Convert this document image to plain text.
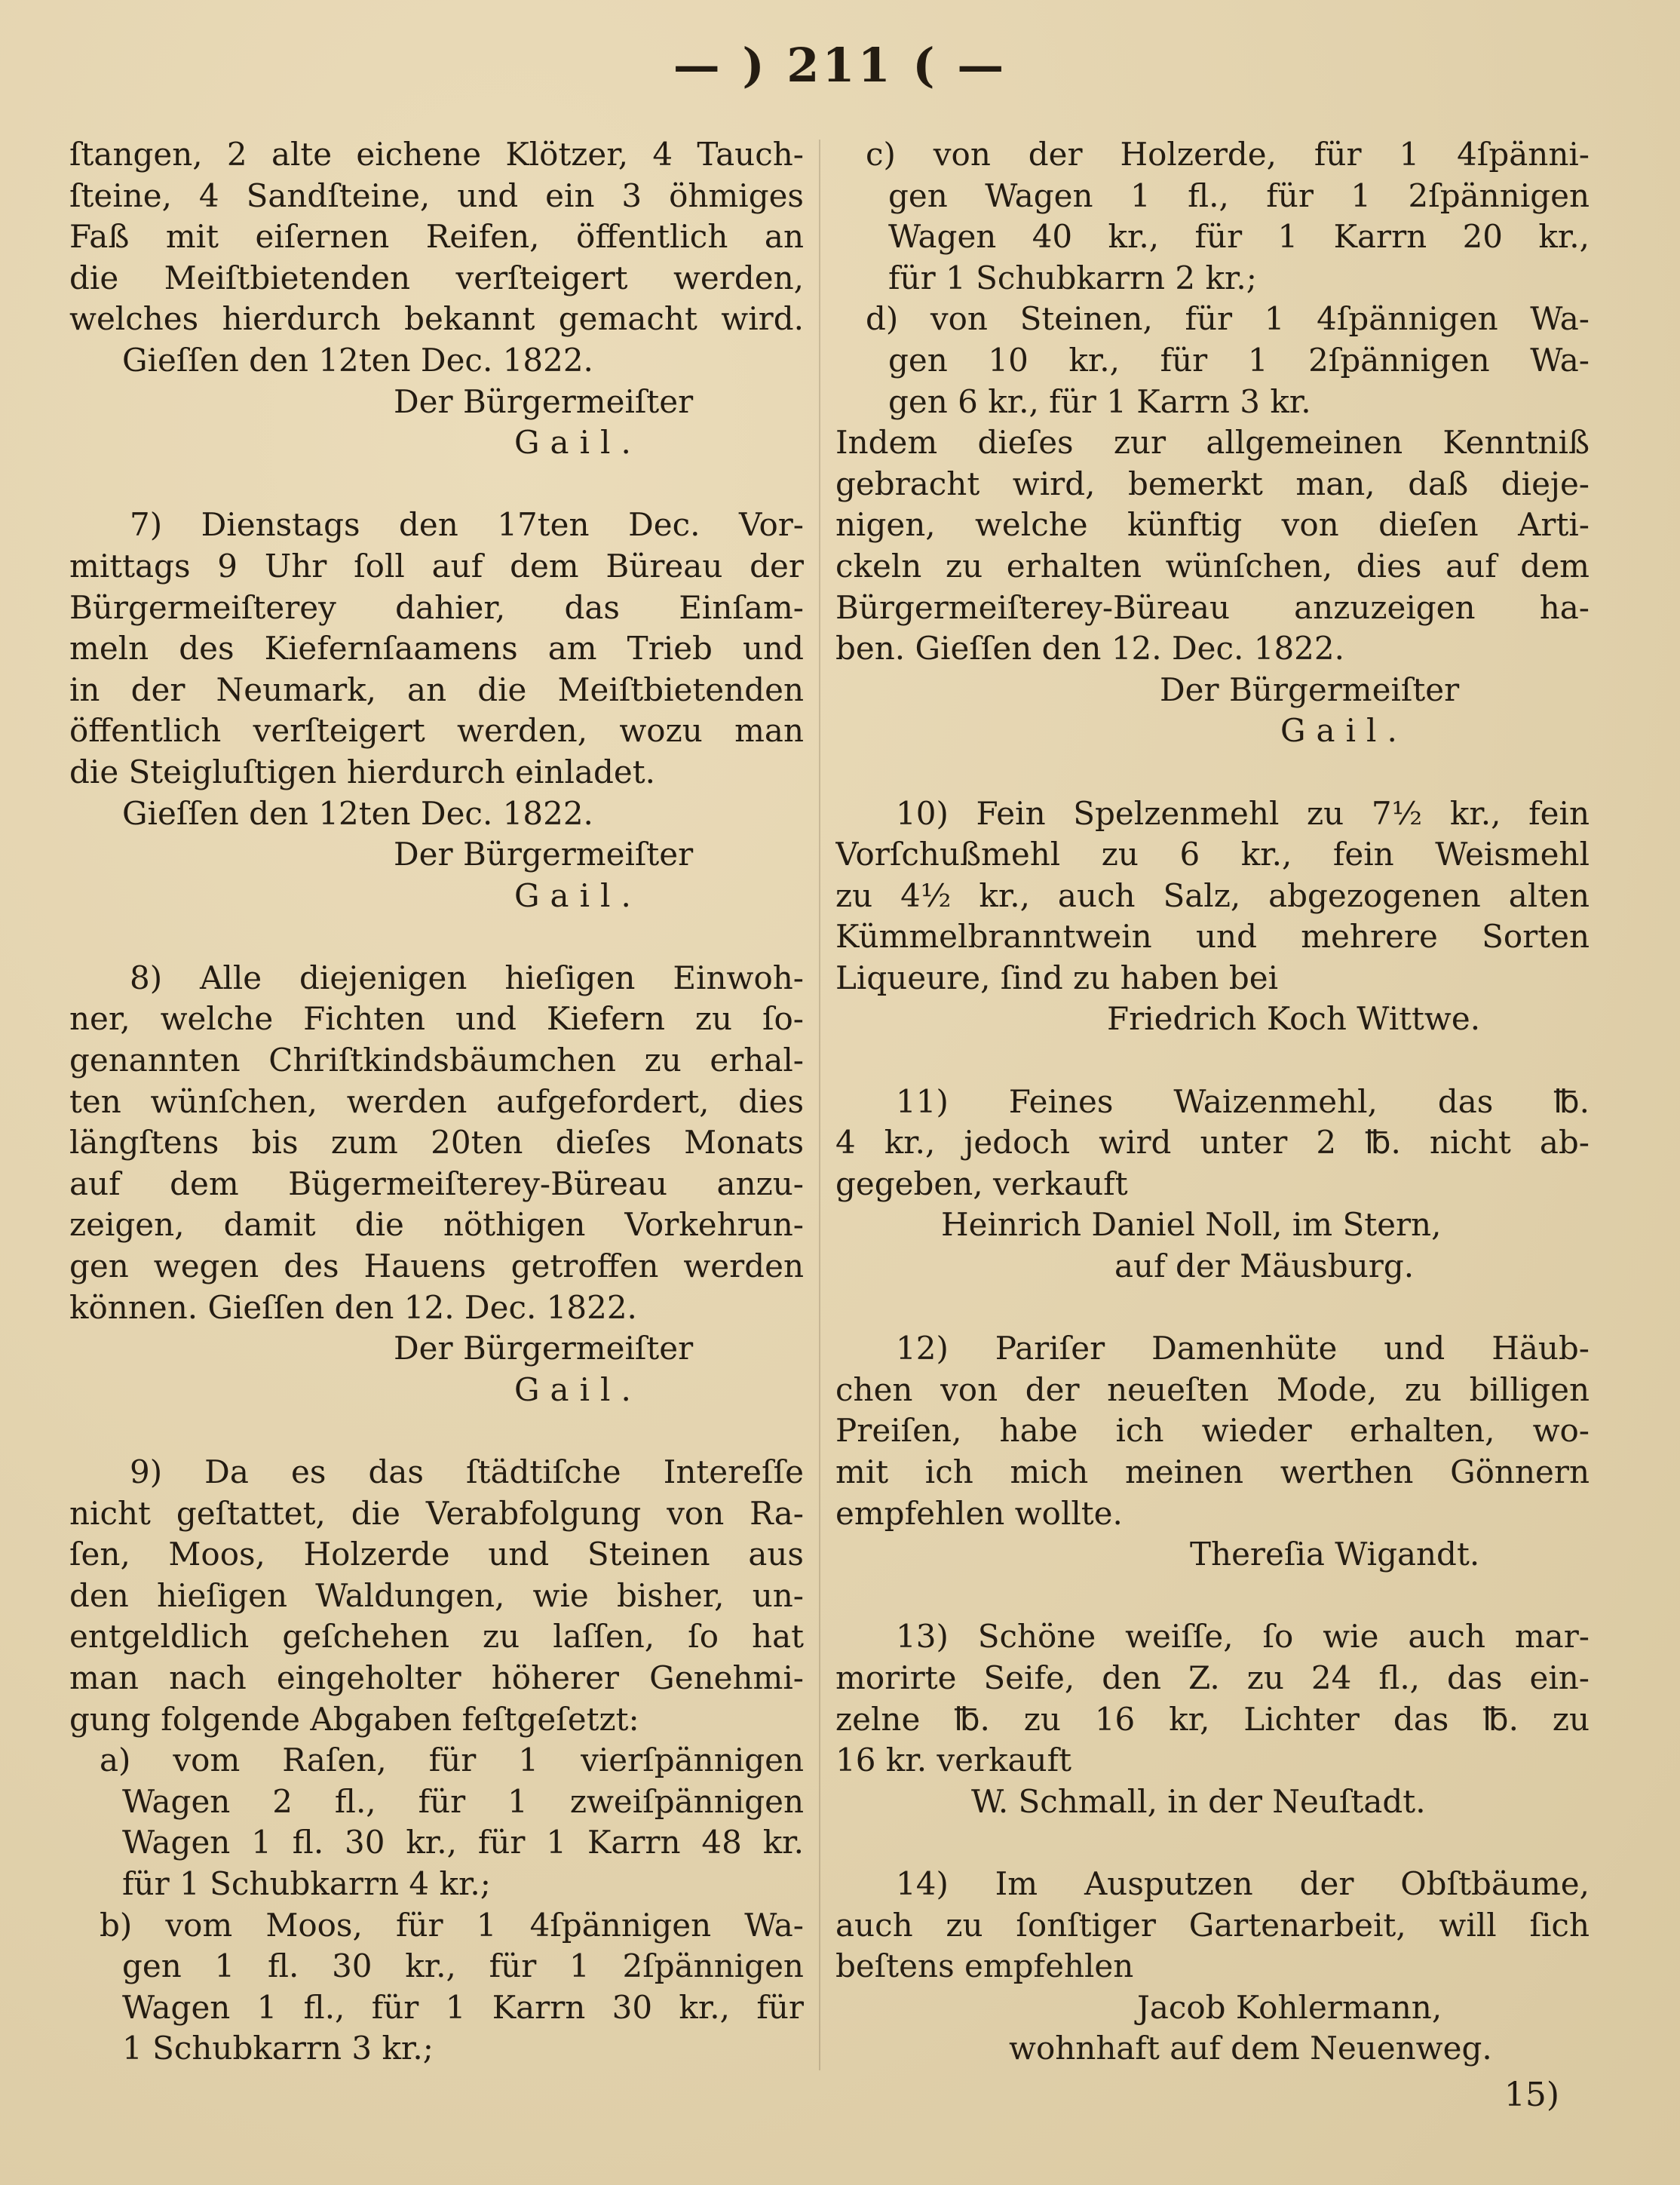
— ) 211 ( —

ſtangen, 2 alte eichene Klötzer, 4 Tauch-

ſteine, 4 Sandſteine, und ein 3 öhmiges

Faß mit eiſernen Reifen, öffentlich an

die Meiſtbietenden verſteigert werden,

welches hierdurch bekannt gemacht wird.

Gieſſen den 12ten Dec. 1822.

Der Bürgermeiſter

Gail.

7) Dienstags den 17ten Dec. Vor-

mittags 9 Uhr ſoll auf dem Büreau der

Bürgermeiſterey dahier, das Einſam-

meln des Kiefernſaamens am Trieb und

in der Neumark, an die Meiſtbietenden

öffentlich verſteigert werden, wozu man

die Steigluſtigen hierdurch einladet.

Gieſſen den 12ten Dec. 1822.

Der Bürgermeiſter

Gail.

8) Alle diejenigen hieſigen Einwoh-

ner, welche Fichten und Kiefern zu ſo-

genannten Chriſtkindsbäumchen zu erhal-

ten wünſchen, werden aufgefordert, dies

längſtens bis zum 20ten dieſes Monats

auf dem Bügermeiſterey-Büreau anzu-

zeigen, damit die nöthigen Vorkehrun-

gen wegen des Hauens getroffen werden

können. Gieſſen den 12. Dec. 1822.

Der Bürgermeiſter

Gail.

9) Da es das ſtädtiſche Intereſſe

nicht geſtattet, die Verabfolgung von Ra-

ſen, Moos, Holzerde und Steinen aus

den hieſigen Waldungen, wie bisher, un-

entgeldlich geſchehen zu laſſen, ſo hat

man nach eingeholter höherer Genehmi-

gung folgende Abgaben feſtgeſetzt:

a) vom Raſen, für 1 vierſpännigen

Wagen 2 fl., für 1 zweiſpännigen

Wagen 1 fl. 30 kr., für 1 Karrn 48 kr.

für 1 Schubkarrn 4 kr.;

b) vom Moos, für 1 4ſpännigen Wa-

gen 1 fl. 30 kr., für 1 2ſpännigen

Wagen 1 fl., für 1 Karrn 30 kr., für

1 Schubkarrn 3 kr.;

c) von der Holzerde, für 1 4ſpänni-

gen Wagen 1 fl., für 1 2ſpännigen

Wagen 40 kr., für 1 Karrn 20 kr.,

für 1 Schubkarrn 2 kr.;

d) von Steinen, für 1 4ſpännigen Wa-

gen 10 kr., für 1 2ſpännigen Wa-

gen 6 kr., für 1 Karrn 3 kr.

Indem dieſes zur allgemeinen Kenntniß

gebracht wird, bemerkt man, daß dieje-

nigen, welche künftig von dieſen Arti-

ckeln zu erhalten wünſchen, dies auf dem

Bürgermeiſterey-Büreau anzuzeigen ha-

ben. Gieſſen den 12. Dec. 1822.

Der Bürgermeiſter

Gail.

10) Fein Spelzenmehl zu 7½ kr., fein

Vorſchußmehl zu 6 kr., fein Weismehl

zu 4½ kr., auch Salz, abgezogenen alten

Kümmelbranntwein und mehrere Sorten

Liqueure, ſind zu haben bei

Friedrich Koch Wittwe.

11) Feines Waizenmehl, das ℔.

4 kr., jedoch wird unter 2 ℔. nicht ab-

gegeben, verkauft

Heinrich Daniel Noll, im Stern,

auf der Mäusburg.

12) Pariſer Damenhüte und Häub-

chen von der neueſten Mode, zu billigen

Preiſen, habe ich wieder erhalten, wo-

mit ich mich meinen werthen Gönnern

empfehlen wollte.

Thereſia Wigandt.

13) Schöne weiſſe, ſo wie auch mar-

morirte Seife, den Z. zu 24 fl., das ein-

zelne ℔. zu 16 kr, Lichter das ℔. zu

16 kr. verkauft

W. Schmall, in der Neuſtadt.

14) Im Ausputzen der Obſtbäume,

auch zu ſonſtiger Gartenarbeit, will ſich

beſtens empfehlen

Jacob Kohlermann,

wohnhaft auf dem Neuenweg.

15)
